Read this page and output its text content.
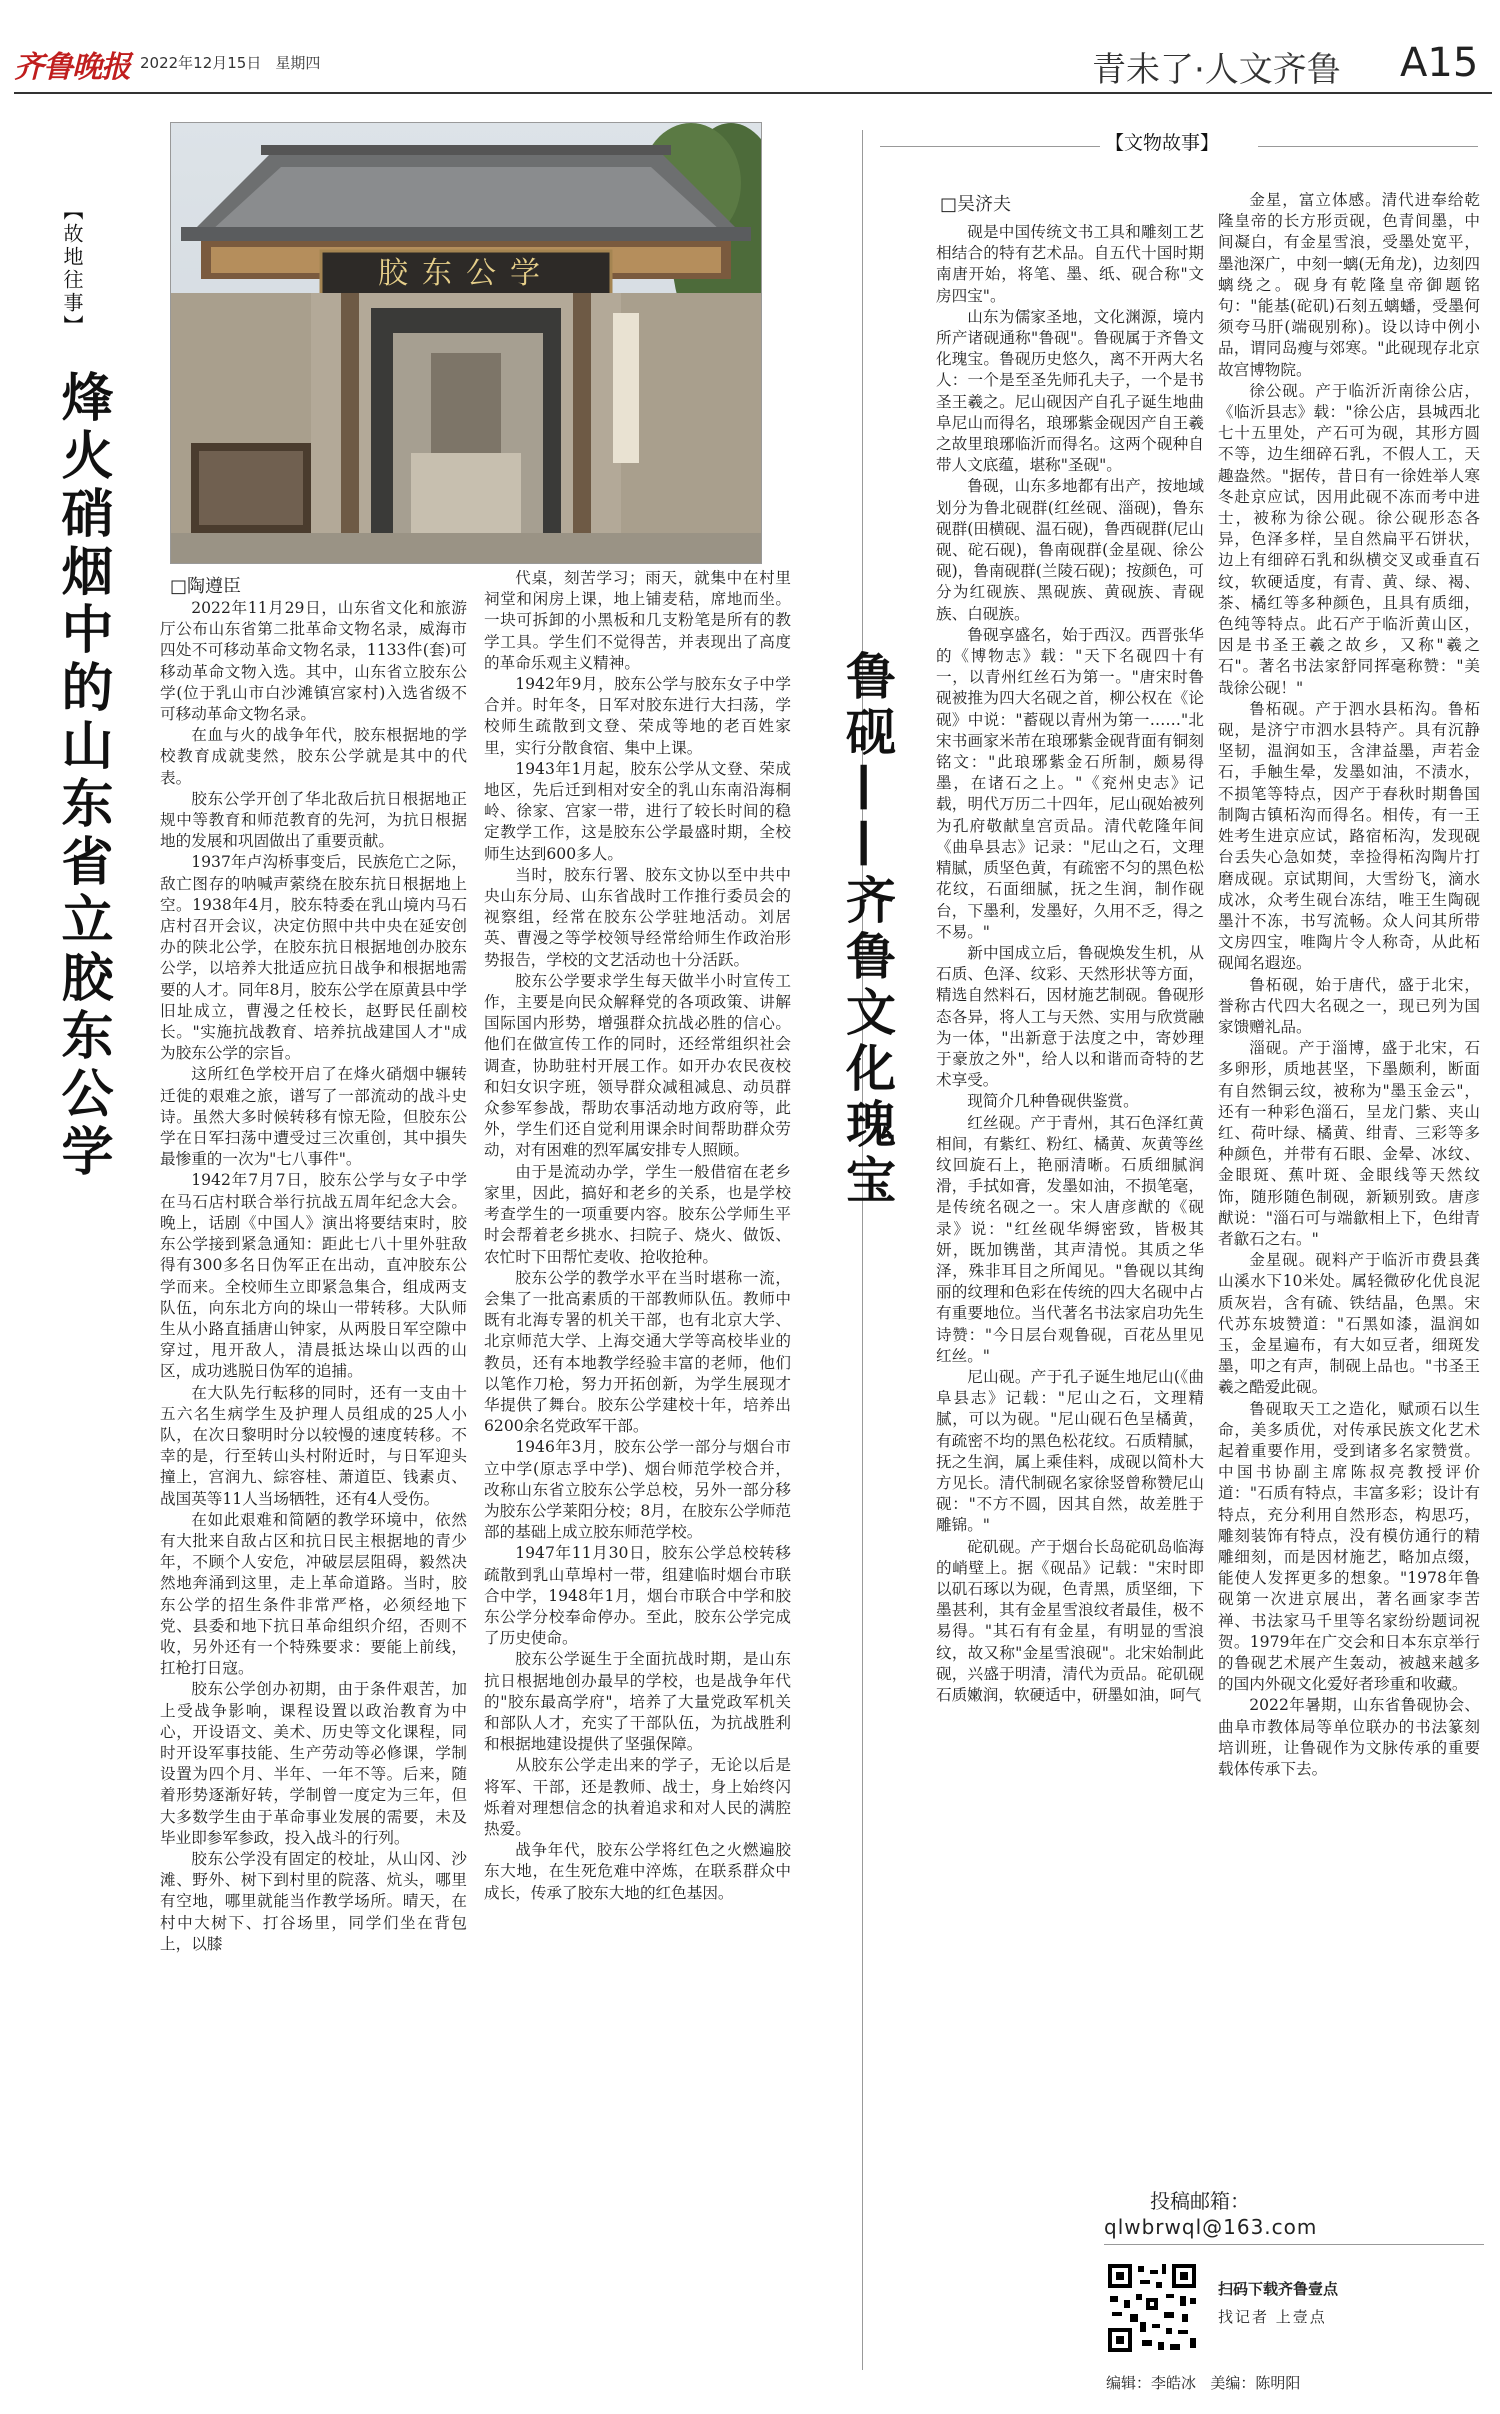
齐鲁晚报 2022年12月15日 星期四	青未了·人文齐鲁 A15
胶东公学
【故地往事】
烽火硝烟中的山东省立胶东公学	□陶遵臣

2022年11月29日，山东省文化和旅游厅公布山东省第二批革命文物名录，威海市四处不可移动革命文物名录，1133件(套)可移动革命文物入选。其中，山东省立胶东公学(位于乳山市白沙滩镇宫家村)入选省级不可移动革命文物名录。

在血与火的战争年代，胶东根据地的学校教育成就斐然，胶东公学就是其中的代表。

胶东公学开创了华北敌后抗日根据地正规中等教育和师范教育的先河，为抗日根据地的发展和巩固做出了重要贡献。

1937年卢沟桥事变后，民族危亡之际，敌亡图存的呐喊声萦绕在胶东抗日根据地上空。1938年4月，胶东特委在乳山境内马石店村召开会议，决定仿照中共中央在延安创办的陕北公学，在胶东抗日根据地创办胶东公学，以培养大批适应抗日战争和根据地需要的人才。同年8月，胶东公学在原黄县中学旧址成立，曹漫之任校长，赵野民任副校长。"实施抗战教育、培养抗战建国人才"成为胶东公学的宗旨。

这所红色学校开启了在烽火硝烟中辗转迁徙的艰难之旅，谱写了一部流动的战斗史诗。虽然大多时候转移有惊无险，但胶东公学在日军扫荡中遭受过三次重创，其中損失最惨重的一次为"七八事件"。

1942年7月7日，胶东公学与女子中学在马石店村联合举行抗战五周年纪念大会。晚上，话剧《中国人》演出将要结束时，胶东公学接到紧急通知：距此七八十里外驻敌得有300多名日伪军正在出动，直冲胶东公学而来。全校师生立即紧急集合，组成两支队伍，向东北方向的垛山一带转移。大队师生从小路直插唐山钟家，从两股日军空隙中穿过，甩开敌人，清晨抵达垛山以西的山区，成功逃脱日伪军的追捕。

在大队先行転移的同时，还有一支由十五六名生病学生及护理人员组成的25人小队，在次日黎明时分以较慢的速度转移。不幸的是，行至转山头村附近时，与日军迎头撞上，宫润九、綜容桂、萧道臣、钱素贞、战国英等11人当场牺牲，还有4人受伤。

在如此艰难和简陋的教学环境中，依然有大批来自敌占区和抗日民主根据地的青少年，不顾个人安危，冲破层层阻碍，毅然决然地奔涌到这里，走上革命道路。当时，胶东公学的招生条件非常严格，必须经地下党、县委和地下抗日革命组织介绍，否则不收，另外还有一个特殊要求：要能上前线，扛枪打日寇。

胶东公学创办初期，由于条件艰苦，加上受战争影响，课程设置以政治教育为中心，开设语文、美术、历史等文化课程，同时开设军事技能、生产劳动等必修课，学制设置为四个月、半年、一年不等。后来，随着形势逐渐好转，学制曾一度定为三年，但大多数学生由于革命事业发展的需要，未及毕业即参军参政，投入战斗的行列。

胶东公学没有固定的校址，从山冈、沙滩、野外、树下到村里的院落、炕头，哪里有空地，哪里就能当作教学场所。晴天，在村中大树下、打谷场里，同学们坐在背包上，以膝

代桌，刻苦学习；雨天，就集中在村里祠堂和闲房上课，地上铺麦秸，席地而坐。一块可拆卸的小黑板和几支粉笔是所有的教学工具。学生们不觉得苦，并表现出了高度的革命乐观主义精神。

1942年9月，胶东公学与胶东女子中学合并。时年冬，日军对胶东进行大扫荡，学校师生疏散到文登、荣成等地的老百姓家里，实行分散食宿、集中上课。

1943年1月起，胶东公学从文登、荣成地区，先后迁到相对安全的乳山东南沿海桐岭、徐家、宫家一带，进行了较长时间的稳定教学工作，这是胶东公学最盛时期，全校师生达到600多人。

当时，胶东行署、胶东文协以至中共中央山东分局、山东省战时工作推行委员会的视察组，经常在胶东公学驻地活动。刘居英、曹漫之等学校领导经常给师生作政治形势报告，学校的文艺活动也十分活跃。

胶东公学要求学生每天做半小时宣传工作，主要是向民众解释党的各项政策、讲解国际国内形势，增强群众抗战必胜的信心。他们在做宣传工作的同时，还经常组织社会调查，协助驻村开展工作。如开办农民夜校和妇女识字班，领导群众减租减息、动员群众参军参战，帮助农事活动地方政府等，此外，学生们还自觉利用课余时间帮助群众劳动，对有困难的烈军属安排专人照顾。

由于是流动办学，学生一般借宿在老乡家里，因此，搞好和老乡的关系，也是学校考查学生的一项重要内容。胶东公学师生平时会帮着老乡挑水、扫院子、烧火、做饭、农忙时下田帮忙麦收、抢收抢种。

胶东公学的教学水平在当时堪称一流，会集了一批高素质的干部教师队伍。教师中既有北海专署的机关干部，也有北京大学、北京师范大学、上海交通大学等高校毕业的教员，还有本地教学经验丰富的老师，他们以笔作刀枪，努力开拓创新，为学生展现才华提供了舞台。胶东公学建校十年，培养出6200余名党政军干部。

1946年3月，胶东公学一部分与烟台市立中学(原志孚中学)、烟台师范学校合并，改称山东省立胶东公学总校，另外一部分移为胶东公学莱阳分校；8月，在胶东公学师范部的基础上成立胶东师范学校。

1947年11月30日，胶东公学总校转移疏散到乳山草埠村一带，组建临时烟台市联合中学，1948年1月，烟台市联合中学和胶东公学分校奉命停办。至此，胶东公学完成了历史使命。

胶东公学诞生于全面抗战时期，是山东抗日根据地创办最早的学校，也是战争年代的"胶东最高学府"，培养了大量党政军机关和部队人才，充实了干部队伍，为抗战胜利和根据地建设提供了坚强保障。

从胶东公学走出来的学子，无论以后是将军、干部，还是教师、战士，身上始终闪烁着对理想信念的执着追求和对人民的满腔热爱。

战争年代，胶东公学将红色之火燃遍胶东大地，在生死危难中淬炼，在联系群众中成长，传承了胶东大地的红色基因。

【文物故事】
鲁砚——齐鲁文化瑰宝
□吴济夫

砚是中国传统文书工具和雕刻工艺相结合的特有艺术品。自五代十国时期南唐开始，将笔、墨、纸、砚合称"文房四宝"。

山东为儒家圣地，文化渊源，境内所产诸砚通称"鲁砚"。鲁砚属于齐鲁文化瑰宝。鲁砚历史悠久，离不开两大名人：一个是至圣先师孔夫子，一个是书圣王羲之。尼山砚因产自孔子诞生地曲阜尼山而得名，琅琊紫金砚因产自王羲之故里琅琊临沂而得名。这两个砚种自带人文底蕴，堪称"圣砚"。

鲁砚，山东多地都有出产，按地域划分为鲁北砚群(红丝砚、淄砚)，鲁东砚群(田横砚、温石砚)，鲁西砚群(尼山砚、砣石砚)，鲁南砚群(金星砚、徐公砚)，鲁南砚群(兰陵石砚)；按颜色，可分为红砚族、黑砚族、黄砚族、青砚族、白砚族。

鲁砚享盛名，始于西汉。西晋张华的《博物志》载："天下名砚四十有一，以青州红丝石为第一。"唐宋时鲁砚被推为四大名砚之首，柳公权在《论砚》中说："蓄砚以青州为第一……"北宋书画家米芾在琅琊紫金砚背面有铜刻铭文："此琅琊紫金石所制，颇易得墨，在诸石之上。"《兖州史志》记载，明代万历二十四年，尼山砚始被列为孔府敬献皇宫贡品。清代乾隆年间《曲阜县志》记录："尼山之石，文理精腻，质坚色黄，有疏密不匀的黑色松花纹，石面细腻，抚之生润，制作砚台，下墨利，发墨好，久用不乏，得之不易。"

新中国成立后，鲁砚焕发生机，从石质、色泽、纹彩、天然形状等方面，精选自然料石，因材施艺制砚。鲁砚形态各异，将人工与天然、实用与欣赏融为一体，"出新意于法度之中，寄妙理于豪放之外"，给人以和谐而奇特的艺术享受。

现简介几种鲁砚供鉴赏。

红丝砚。产于青州，其石色泽红黄相间，有紫红、粉红、橘黄、灰黄等丝纹回旋石上，艳丽清晰。石质细腻润滑，手拭如膏，发墨如油，不损笔毫，是传统名砚之一。宋人唐彦猷的《砚录》说："红丝砚华缛密致，皆极其妍，既加镌凿，其声清悦。其质之华泽，殊非耳目之所闻见。"鲁砚以其绚丽的纹理和色彩在传统的四大名砚中占有重要地位。当代著名书法家启功先生诗赞："今日层台观鲁砚，百花丛里见红丝。"

尼山砚。产于孔子诞生地尼山(《曲阜县志》记载："尼山之石，文理精腻，可以为砚。"尼山砚石色呈橘黄，有疏密不均的黑色松花纹。石质精腻，抚之生润，属上乘佳料，成砚以简朴大方见长。清代制砚名家徐竖曾称赞尼山砚："不方不圆，因其自然，故差胜于雕锦。"

砣矶砚。产于烟台长岛砣矶岛临海的峭壁上。据《砚品》记载："宋时即以矶石琢以为砚，色青黑，质坚细，下墨甚利，其有金星雪浪纹者最佳，极不易得。"其石有有金星，有明显的雪浪纹，故又称"金星雪浪砚"。北宋始制此砚，兴盛于明清，清代为贡品。砣矶砚石质嫩润，软硬适中，研墨如油，呵气

金星，富立体感。清代进奉给乾隆皇帝的长方形贡砚，色青间墨，中间凝白，有金星雪浪，受墨处宽平，墨池深广，中刻一螭(无角龙)，边刻四螭绕之。砚身有乾隆皇帝御题铭句："能基(砣矶)石刻五螭蟠，受墨何须夸马肝(端砚别称)。设以诗中例小品，谓同岛瘦与郊寒。"此砚现存北京故宫博物院。

徐公砚。产于临沂沂南徐公店，《临沂县志》载："徐公店，县城西北七十五里处，产石可为砚，其形方圆不等，边生细碎石乳，不假人工，天趣盎然。"据传，昔日有一徐姓举人寒冬赴京应试，因用此砚不冻而考中进士，被称为徐公砚。徐公砚形态各异，色泽多样，呈自然扁平石饼状，边上有细碎石乳和纵横交叉或垂直石纹，软硬适度，有青、黄、绿、褐、茶、橘红等多种颜色，且具有质细，色纯等特点。此石产于临沂黄山区，因是书圣王羲之故乡，又称"羲之石"。著名书法家舒同挥毫称赞："美哉徐公砚！"

鲁柘砚。产于泗水县柘沟。鲁柘砚，是济宁市泗水县特产。具有沉静坚韧，温润如玉，含津益墨，声若金石，手触生晕，发墨如油，不渍水，不损笔等特点，因产于春秋时期鲁国制陶古镇柘沟而得名。相传，有一王姓考生进京应试，路宿柘沟，发现砚台丢失心急如焚，幸捡得柘沟陶片打磨成砚。京试期间，大雪纷飞，滴水成冰，众考生砚台冻结，唯王生陶砚墨汁不冻，书写流畅。众人问其所带文房四宝，唯陶片令人称奇，从此柘砚闻名遐迩。

鲁柘砚，始于唐代，盛于北宋，誉称古代四大名砚之一，现已列为国家馈赠礼品。

淄砚。产于淄博，盛于北宋，石多卵形，质地甚坚，下墨颇利，断面有自然铜云纹，被称为"墨玉金云"，还有一种彩色淄石，呈龙门紫、夹山红、荷叶绿、橘黄、绀青、三彩等多种颜色，并带有石眼、金晕、冰纹、金眼斑、蕉叶斑、金眼线等天然纹饰，随形随色制砚，新颖别致。唐彦猷说："淄石可与端歙相上下，色绀青者歙石之右。"

金星砚。砚料产于临沂市费县龚山溪水下10米处。属轻微矽化优良泥质灰岩，含有硫、铁结晶，色黑。宋代苏东坡赞道："石黑如漆，温润如玉，金星遍布，有大如豆者，细斑发墨，叩之有声，制砚上品也。"书圣王羲之酷爱此砚。

鲁砚取天工之造化，赋顽石以生命，美多质优，对传承民族文化艺术起着重要作用，受到诸多名家赞赏。中国书协副主席陈叔亮教授评价道："石质有特点，丰富多彩；设计有特点，充分利用自然形态，构思巧，雕刻装饰有特点，没有模仿通行的精雕细刻，而是因材施艺，略加点缀，能使人发挥更多的想象。"1978年鲁砚第一次进京展出，著名画家李苦禅、书法家马千里等名家纷纷题词祝贺。1979年在广交会和日本东京举行的鲁砚艺术展产生轰动，被越来越多的国内外砚文化爱好者珍重和收藏。

2022年暑期，山东省鲁砚协会、曲阜市教体局等单位联办的书法篆刻培训班，让鲁砚作为文脉传承的重要载体传承下去。

投稿邮箱：
qlwbrwql@163.com
扫码下载齐鲁壹点
找记者 上壹点
编辑：李皓冰 美编：陈明阳
